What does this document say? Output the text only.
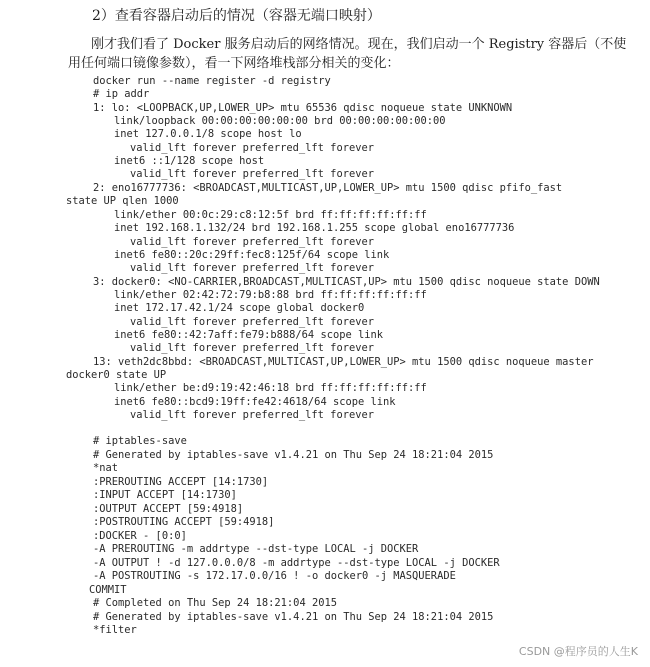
2）查看容器启动后的情况（容器无端口映射）
刚才我们看了 Docker 服务启动后的网络情况。现在，我们启动一个 Registry 容器后（不使
用任何端口镜像参数），看一下网络堆栈部分相关的变化：
docker run --name register -d registry
# ip addr
1: lo: <LOOPBACK,UP,LOWER_UP> mtu 65536 qdisc noqueue state UNKNOWN
link/loopback 00:00:00:00:00:00 brd 00:00:00:00:00:00
inet 127.0.0.1/8 scope host lo
valid_lft forever preferred_lft forever
inet6 ::1/128 scope host
valid_lft forever preferred_lft forever
2: eno16777736: <BROADCAST,MULTICAST,UP,LOWER_UP> mtu 1500 qdisc pfifo_fast
state UP qlen 1000
link/ether 00:0c:29:c8:12:5f brd ff:ff:ff:ff:ff:ff
inet 192.168.1.132/24 brd 192.168.1.255 scope global eno16777736
valid_lft forever preferred_lft forever
inet6 fe80::20c:29ff:fec8:125f/64 scope link
valid_lft forever preferred_lft forever
3: docker0: <NO-CARRIER,BROADCAST,MULTICAST,UP> mtu 1500 qdisc noqueue state DOWN
link/ether 02:42:72:79:b8:88 brd ff:ff:ff:ff:ff:ff
inet 172.17.42.1/24 scope global docker0
valid_lft forever preferred_lft forever
inet6 fe80::42:7aff:fe79:b888/64 scope link
valid_lft forever preferred_lft forever
13: veth2dc8bbd: <BROADCAST,MULTICAST,UP,LOWER_UP> mtu 1500 qdisc noqueue master
docker0 state UP
link/ether be:d9:19:42:46:18 brd ff:ff:ff:ff:ff:ff
inet6 fe80::bcd9:19ff:fe42:4618/64 scope link
valid_lft forever preferred_lft forever
# iptables-save
# Generated by iptables-save v1.4.21 on Thu Sep 24 18:21:04 2015
*nat
:PREROUTING ACCEPT [14:1730]
:INPUT ACCEPT [14:1730]
:OUTPUT ACCEPT [59:4918]
:POSTROUTING ACCEPT [59:4918]
:DOCKER - [0:0]
-A PREROUTING -m addrtype --dst-type LOCAL -j DOCKER
-A OUTPUT ! -d 127.0.0.0/8 -m addrtype --dst-type LOCAL -j DOCKER
-A POSTROUTING -s 172.17.0.0/16 ! -o docker0 -j MASQUERADE
COMMIT
# Completed on Thu Sep 24 18:21:04 2015
# Generated by iptables-save v1.4.21 on Thu Sep 24 18:21:04 2015
*filter
CSDN @程序员的人生K
